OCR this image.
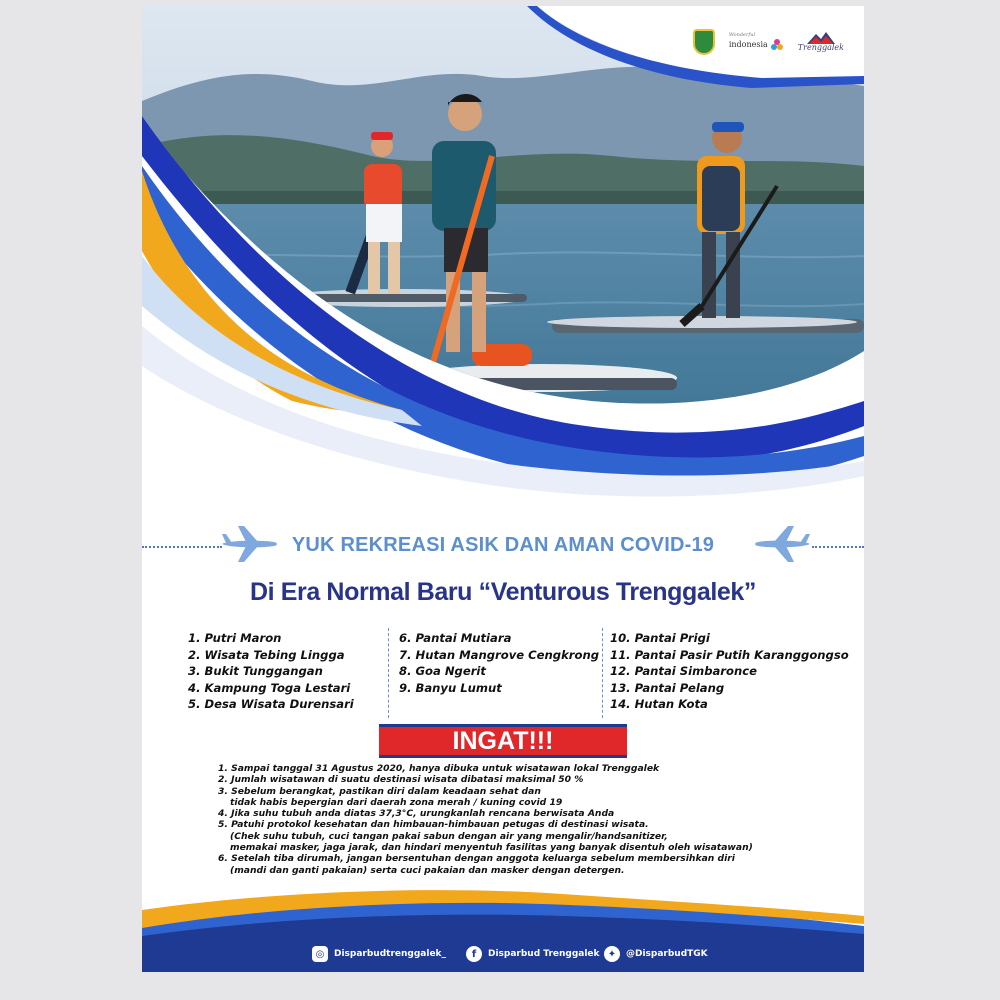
Wonderful
indonesia	Trenggalek
YUK REKREASI ASIK DAN AMAN COVID-19
Di Era Normal Baru “Venturous Trenggalek”
1. Putri Maron
2. Wisata Tebing Lingga
3. Bukit Tunggangan
4. Kampung Toga Lestari
5. Desa Wisata Durensari
6. Pantai Mutiara
7. Hutan Mangrove Cengkrong
8. Goa Ngerit
9. Banyu Lumut
10. Pantai Prigi
11. Pantai Pasir Putih Karanggongso
12. Pantai Simbaronce
13. Pantai Pelang
14. Hutan Kota
INGAT!!!
1. Sampai tanggal 31 Agustus 2020, hanya dibuka untuk wisatawan lokal Trenggalek
2. Jumlah wisatawan di suatu destinasi wisata dibatasi maksimal 50 %
3. Sebelum berangkat, pastikan diri dalam keadaan sehat dan
tidak habis bepergian dari daerah zona merah / kuning covid 19
4. Jika suhu tubuh anda diatas 37,3°C, urungkanlah rencana berwisata Anda
5. Patuhi protokol kesehatan dan himbauan-himbauan petugas di destinasi wisata.
(Chek suhu tubuh, cuci tangan pakai sabun dengan air yang mengalir/handsanitizer,
memakai masker, jaga jarak, dan hindari menyentuh fasilitas yang banyak disentuh oleh wisatawan)
6. Setelah tiba dirumah, jangan bersentuhan dengan anggota keluarga sebelum membersihkan diri
(mandi dan ganti pakaian) serta cuci pakaian dan masker dengan detergen.
◎	Disparbudtrenggalek_	f	Disparbud Trenggalek ✦	@DisparbudTGK
